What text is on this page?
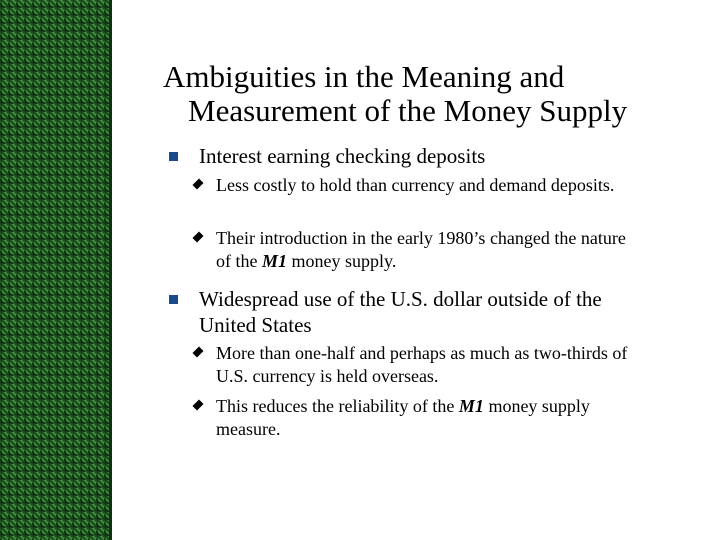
Ambiguities in the Meaning and
Measurement of the Money Supply
Interest earning checking deposits
Less costly to hold than currency and demand deposits.
Their introduction in the early 1980’s changed the nature of the M1 money supply.
Widespread use of the U.S. dollar outside of the United States
More than one-half and perhaps as much as two-thirds of U.S. currency is held overseas.
This reduces the reliability of the M1 money supply measure.
